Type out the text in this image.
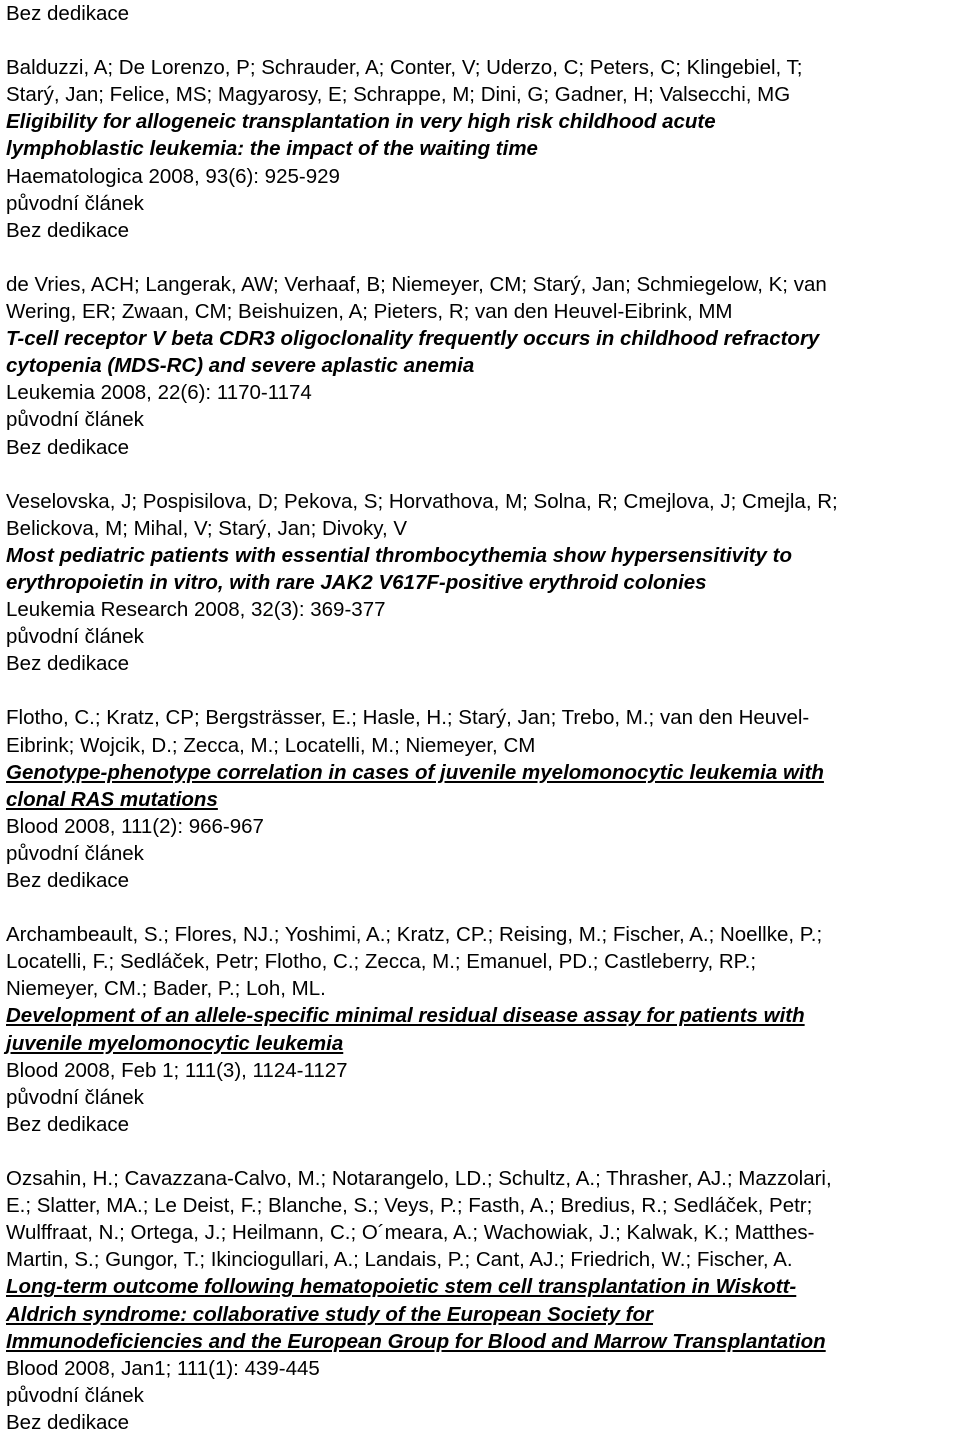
Bez dedikace
Balduzzi, A; De Lorenzo, P; Schrauder, A; Conter, V; Uderzo, C; Peters, C; Klingebiel, T;
Starý, Jan; Felice, MS; Magyarosy, E; Schrappe, M; Dini, G; Gadner, H; Valsecchi, MG
Eligibility for allogeneic transplantation in very high risk childhood acute
lymphoblastic leukemia: the impact of the waiting time
Haematologica 2008, 93(6): 925-929
původní článek
Bez dedikace
de Vries, ACH; Langerak, AW; Verhaaf, B; Niemeyer, CM; Starý, Jan; Schmiegelow, K; van
Wering, ER; Zwaan, CM; Beishuizen, A; Pieters, R; van den Heuvel-Eibrink, MM
T-cell receptor V beta CDR3 oligoclonality frequently occurs in childhood refractory
cytopenia (MDS-RC) and severe aplastic anemia
Leukemia 2008, 22(6): 1170-1174
původní článek
Bez dedikace
Veselovska, J; Pospisilova, D; Pekova, S; Horvathova, M; Solna, R; Cmejlova, J; Cmejla, R;
Belickova, M; Mihal, V; Starý, Jan; Divoky, V
Most pediatric patients with essential thrombocythemia show hypersensitivity to
erythropoietin in vitro, with rare JAK2 V617F-positive erythroid colonies
Leukemia Research 2008, 32(3): 369-377
původní článek
Bez dedikace
Flotho, C.; Kratz, CP; Bergsträsser, E.; Hasle, H.; Starý, Jan; Trebo, M.; van den Heuvel-
Eibrink; Wojcik, D.; Zecca, M.; Locatelli, M.; Niemeyer, CM
Genotype-phenotype correlation in cases of juvenile myelomonocytic leukemia with
clonal RAS mutations
Blood 2008, 111(2): 966-967
původní článek
Bez dedikace
Archambeault, S.; Flores, NJ.; Yoshimi, A.; Kratz, CP.; Reising, M.; Fischer, A.; Noellke, P.;
Locatelli, F.; Sedláček, Petr; Flotho, C.; Zecca, M.; Emanuel, PD.; Castleberry, RP.;
Niemeyer, CM.; Bader, P.; Loh, ML.
Development of an allele-specific minimal residual disease assay for patients with
juvenile myelomonocytic leukemia
Blood 2008, Feb 1; 111(3), 1124-1127
původní článek
Bez dedikace
Ozsahin, H.; Cavazzana-Calvo, M.; Notarangelo, LD.; Schultz, A.; Thrasher, AJ.; Mazzolari,
E.; Slatter, MA.; Le Deist, F.; Blanche, S.; Veys, P.; Fasth, A.; Bredius, R.; Sedláček, Petr;
Wulffraat, N.; Ortega, J.; Heilmann, C.; O´meara, A.; Wachowiak, J.; Kalwak, K.; Matthes-
Martin, S.; Gungor, T.; Ikinciogullari, A.; Landais, P.; Cant, AJ.; Friedrich, W.; Fischer, A.
Long-term outcome following hematopoietic stem cell transplantation in Wiskott-
Aldrich syndrome: collaborative study of the European Society for
Immunodeficiencies and the European Group for Blood and Marrow Transplantation
Blood 2008, Jan1; 111(1): 439-445
původní článek
Bez dedikace
